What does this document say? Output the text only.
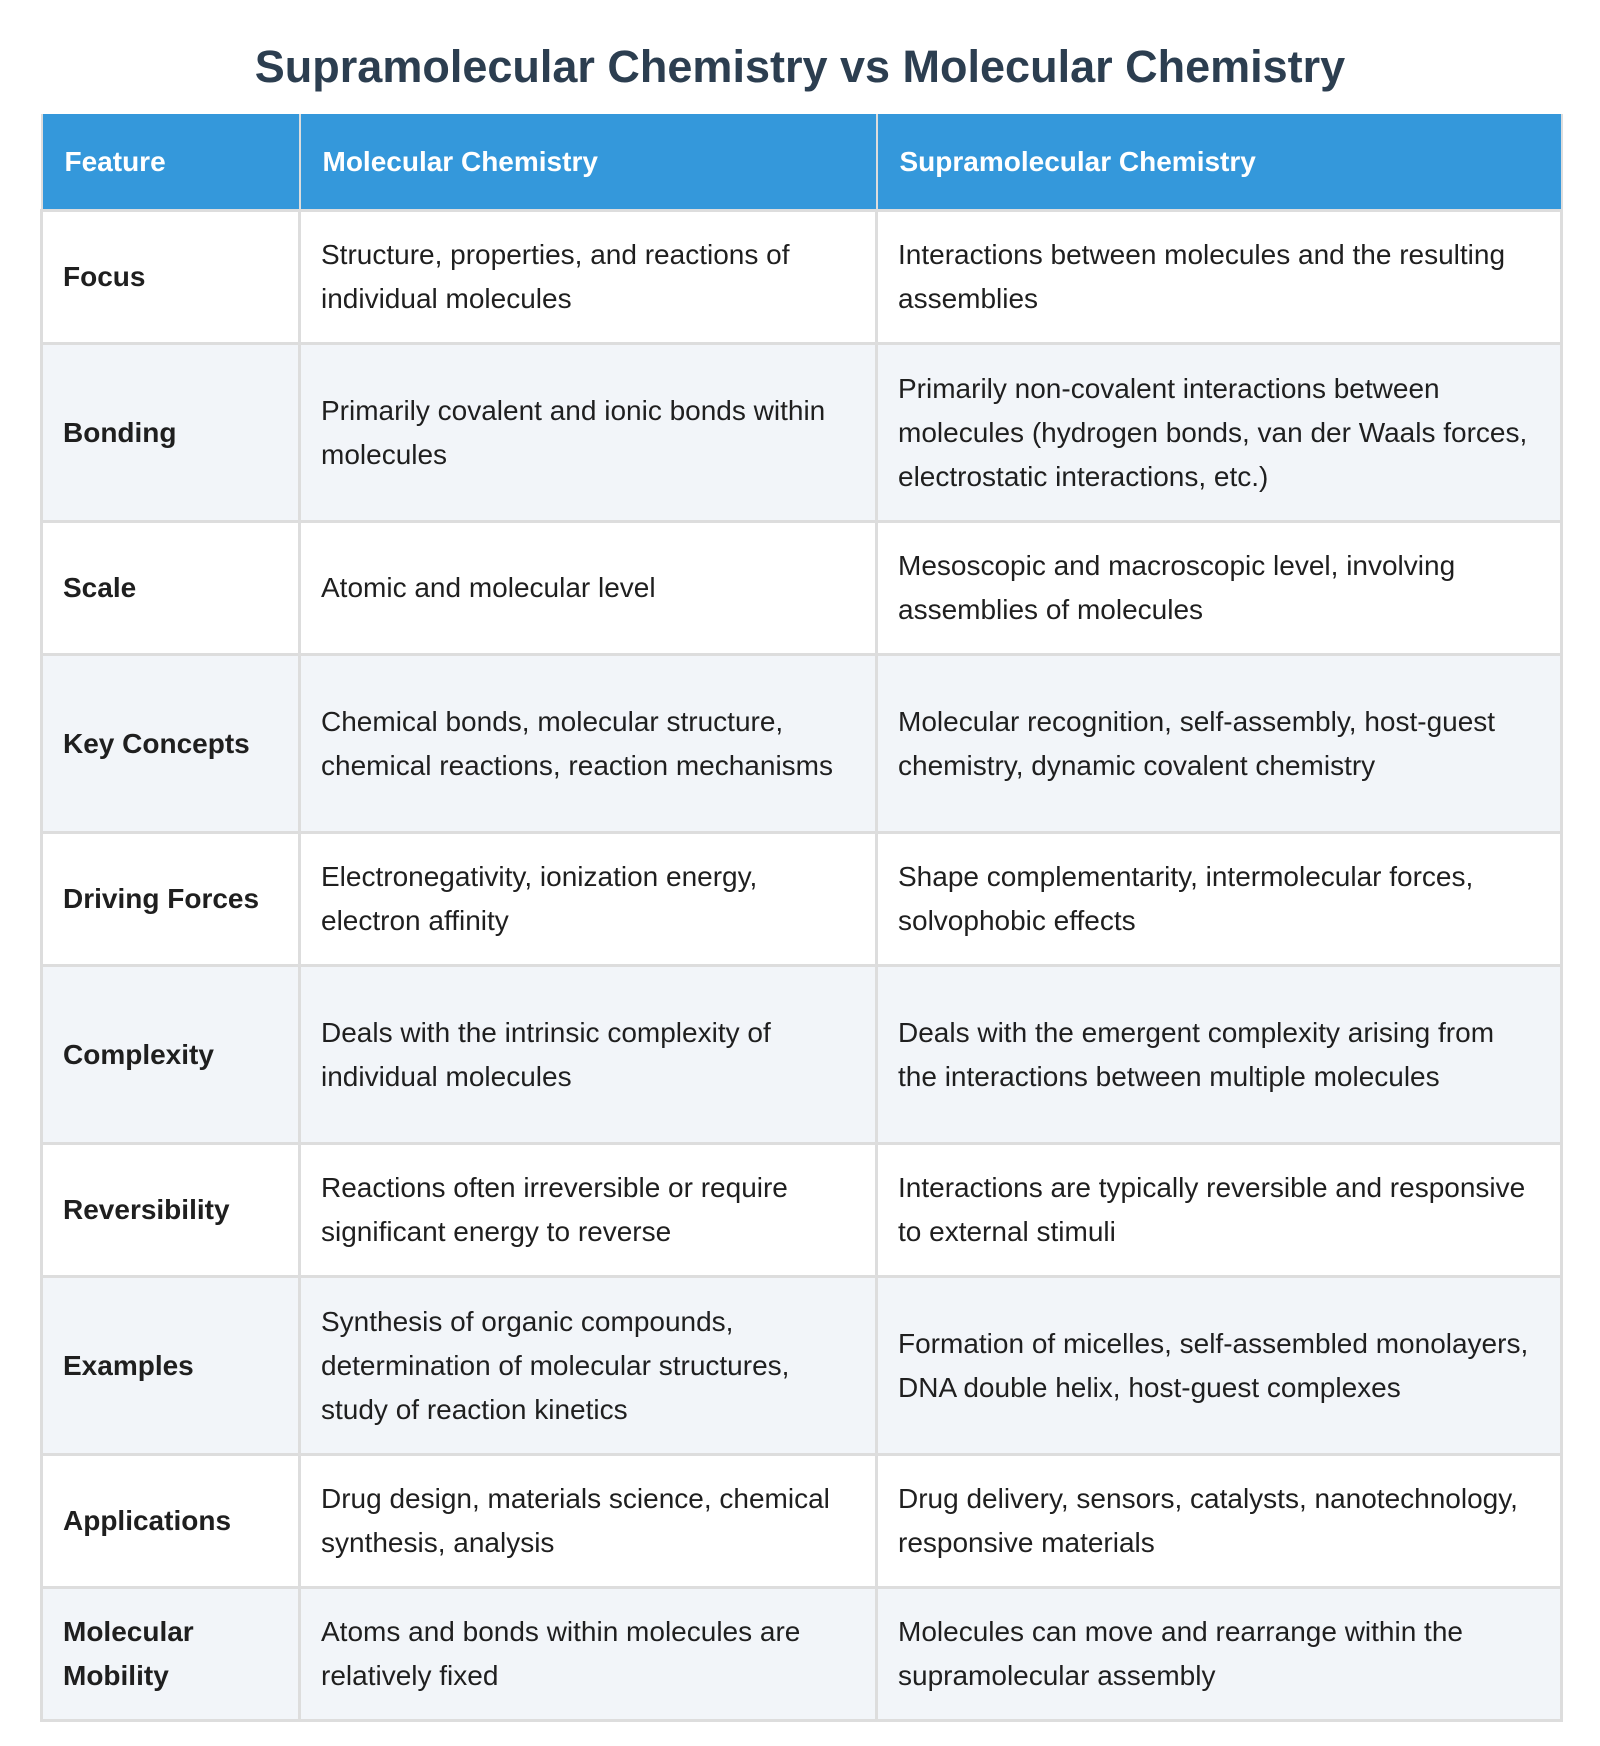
Supramolecular Chemistry vs Molecular Chemistry
Feature	Molecular Chemistry	Supramolecular Chemistry
Focus	Structure, properties, and reactions of individual molecules	Interactions between molecules and the resulting assemblies
Bonding	Primarily covalent and ionic bonds within molecules	Primarily non-covalent interactions between molecules (hydrogen bonds, van der Waals forces, electrostatic interactions, etc.)
Scale	Atomic and molecular level	Mesoscopic and macroscopic level, involving assemblies of molecules
Key Concepts	Chemical bonds, molecular structure, chemical reactions, reaction mechanisms	Molecular recognition, self-assembly, host-guest chemistry, dynamic covalent chemistry
Driving Forces	Electronegativity, ionization energy, electron affinity	Shape complementarity, intermolecular forces, solvophobic effects
Complexity	Deals with the intrinsic complexity of individual molecules	Deals with the emergent complexity arising from the interactions between multiple molecules
Reversibility	Reactions often irreversible or require significant energy to reverse	Interactions are typically reversible and responsive to external stimuli
Examples	Synthesis of organic compounds, determination of molecular structures, study of reaction kinetics	Formation of micelles, self-assembled monolayers, DNA double helix, host-guest complexes
Applications	Drug design, materials science, chemical synthesis, analysis	Drug delivery, sensors, catalysts, nanotechnology, responsive materials
Molecular Mobility	Atoms and bonds within molecules are relatively fixed	Molecules can move and rearrange within the supramolecular assembly
